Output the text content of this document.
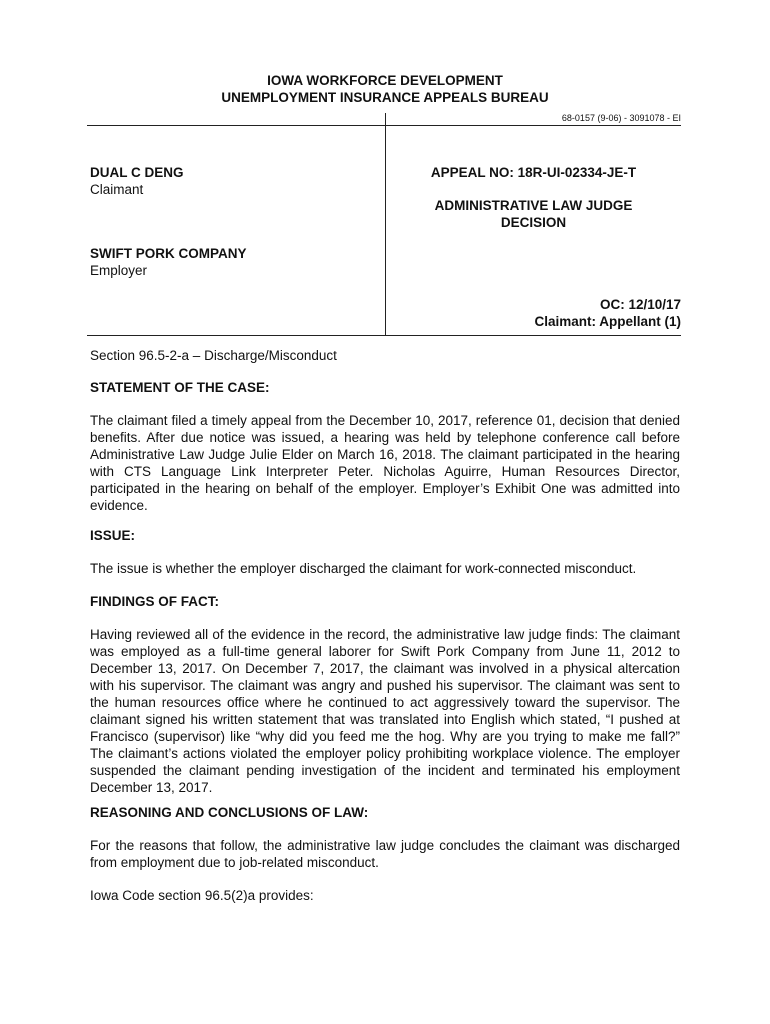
IOWA WORKFORCE DEVELOPMENT
UNEMPLOYMENT INSURANCE APPEALS BUREAU
68-0157 (9-06) - 3091078 - EI
DUAL C DENG
Claimant
SWIFT PORK COMPANY
Employer
APPEAL NO: 18R-UI-02334-JE-T
ADMINISTRATIVE LAW JUDGE
DECISION
OC: 12/10/17
Claimant: Appellant (1)
Section 96.5-2-a – Discharge/Misconduct
STATEMENT OF THE CASE:
The claimant filed a timely appeal from the December 10, 2017, reference 01, decision that denied benefits. After due notice was issued, a hearing was held by telephone conference call before Administrative Law Judge Julie Elder on March 16, 2018. The claimant participated in the hearing with CTS Language Link Interpreter Peter. Nicholas Aguirre, Human Resources Director, participated in the hearing on behalf of the employer. Employer’s Exhibit One was admitted into evidence.
ISSUE:
The issue is whether the employer discharged the claimant for work-connected misconduct.
FINDINGS OF FACT:
Having reviewed all of the evidence in the record, the administrative law judge finds: The claimant was employed as a full-time general laborer for Swift Pork Company from June 11, 2012 to December 13, 2017. On December 7, 2017, the claimant was involved in a physical altercation with his supervisor. The claimant was angry and pushed his supervisor. The claimant was sent to the human resources office where he continued to act aggressively toward the supervisor. The claimant signed his written statement that was translated into English which stated, “I pushed at Francisco (supervisor) like “why did you feed me the hog. Why are you trying to make me fall?” The claimant’s actions violated the employer policy prohibiting workplace violence. The employer suspended the claimant pending investigation of the incident and terminated his employment December 13, 2017.
REASONING AND CONCLUSIONS OF LAW:
For the reasons that follow, the administrative law judge concludes the claimant was discharged from employment due to job-related misconduct.
Iowa Code section 96.5(2)a provides:
